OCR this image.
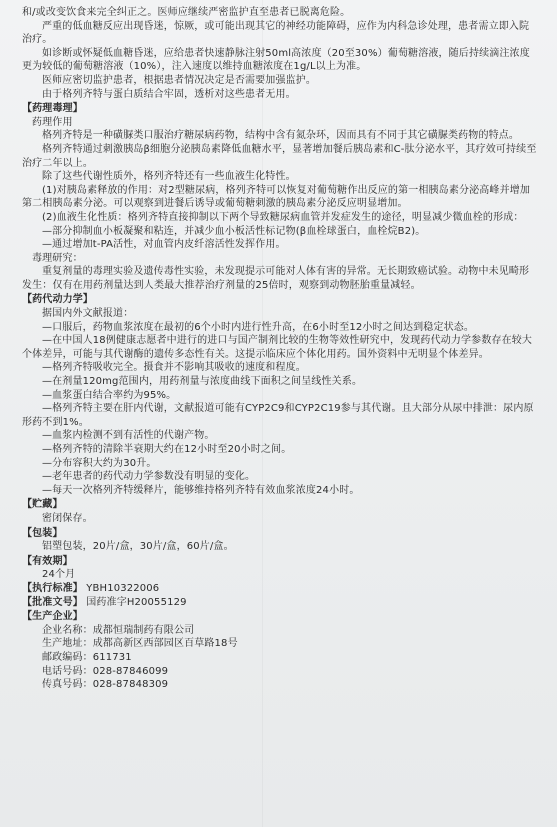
和/或改变饮食来完全纠正之。医师应继续严密监护直至患者已脱离危险。

严重的低血糖反应出现昏迷，惊厥，或可能出现其它的神经功能障碍，应作为内科急诊处理，患者需立即入院治疗。

如诊断或怀疑低血糖昏迷，应给患者快速静脉注射50ml高浓度（20至30%）葡萄糖溶液，随后持续滴注浓度更为较低的葡萄糖溶液（10%），注入速度以维持血糖浓度在1g/L以上为准。

医师应密切监护患者，根据患者情况决定是否需要加强监护。

由于格列齐特与蛋白质结合牢固，透析对这些患者无用。

【药理毒理】

药理作用

格列齐特是一种磺脲类口服治疗糖尿病药物，结构中含有氮杂环，因而具有不同于其它磺脲类药物的特点。

格列齐特通过刺激胰岛β细胞分泌胰岛素降低血糖水平，显著增加餐后胰岛素和C-肽分泌水平，其疗效可持续至治疗二年以上。

除了这些代谢性质外，格列齐特还有一些血液生化特性。

(1)对胰岛素释放的作用：对2型糖尿病，格列齐特可以恢复对葡萄糖作出反应的第一相胰岛素分泌高峰并增加第二相胰岛素分泌。可以观察到进餐后诱导或葡萄糖刺激的胰岛素分泌反应明显增加。

(2)血液生化性质：格列齐特直接抑制以下两个导致糖尿病血管并发症发生的途径，明显减少微血栓的形成：

—部分抑制血小板凝聚和粘连，并减少血小板活性标记物(β血栓球蛋白，血栓烷B2)。

—通过增加t-PA活性，对血管内皮纤溶活性发挥作用。

毒理研究：

重复剂量的毒理实验及遗传毒性实验，未发现提示可能对人体有害的异常。无长期致癌试验。动物中未见畸形发生：仅有在用药剂量达到人类最大推荐治疗剂量的25倍时，观察到动物胚胎重量减轻。

【药代动力学】

据国内外文献报道：

—口服后，药物血浆浓度在最初的6个小时内进行性升高，在6小时至12小时之间达到稳定状态。

—在中国人18例健康志愿者中进行的进口与国产制剂比较的生物等效性研究中，发现药代动力学参数存在较大个体差异，可能与其代谢酶的遗传多态性有关。这提示临床应个体化用药。国外资料中无明显个体差异。

—格列齐特吸收完全。摄食并不影响其吸收的速度和程度。

—在剂量120mg范围内，用药剂量与浓度曲线下面积之间呈线性关系。

—血浆蛋白结合率约为95%。

—格列齐特主要在肝内代谢，文献报道可能有CYP2C9和CYP2C19参与其代谢。且大部分从尿中排泄：尿内原形药不到1%。

—血浆内检测不到有活性的代谢产物。

—格列齐特的清除半衰期大约在12小时至20小时之间。

—分布容积大约为30升。

—老年患者的药代动力学参数没有明显的变化。

—每天一次格列齐特缓释片，能够维持格列齐特有效血浆浓度24小时。

【贮藏】

密闭保存。

【包装】

铝塑包装，20片/盒，30片/盒，60片/盒。

【有效期】

24个月

【执行标准】 YBH10322006
【批准文号】 国药准字H20055129
【生产企业】
企业名称：成都恒瑞制药有限公司
生产地址：成都高新区西部园区百草路18号
邮政编码：611731
电话号码：028-87846099
传真号码：028-87848309
